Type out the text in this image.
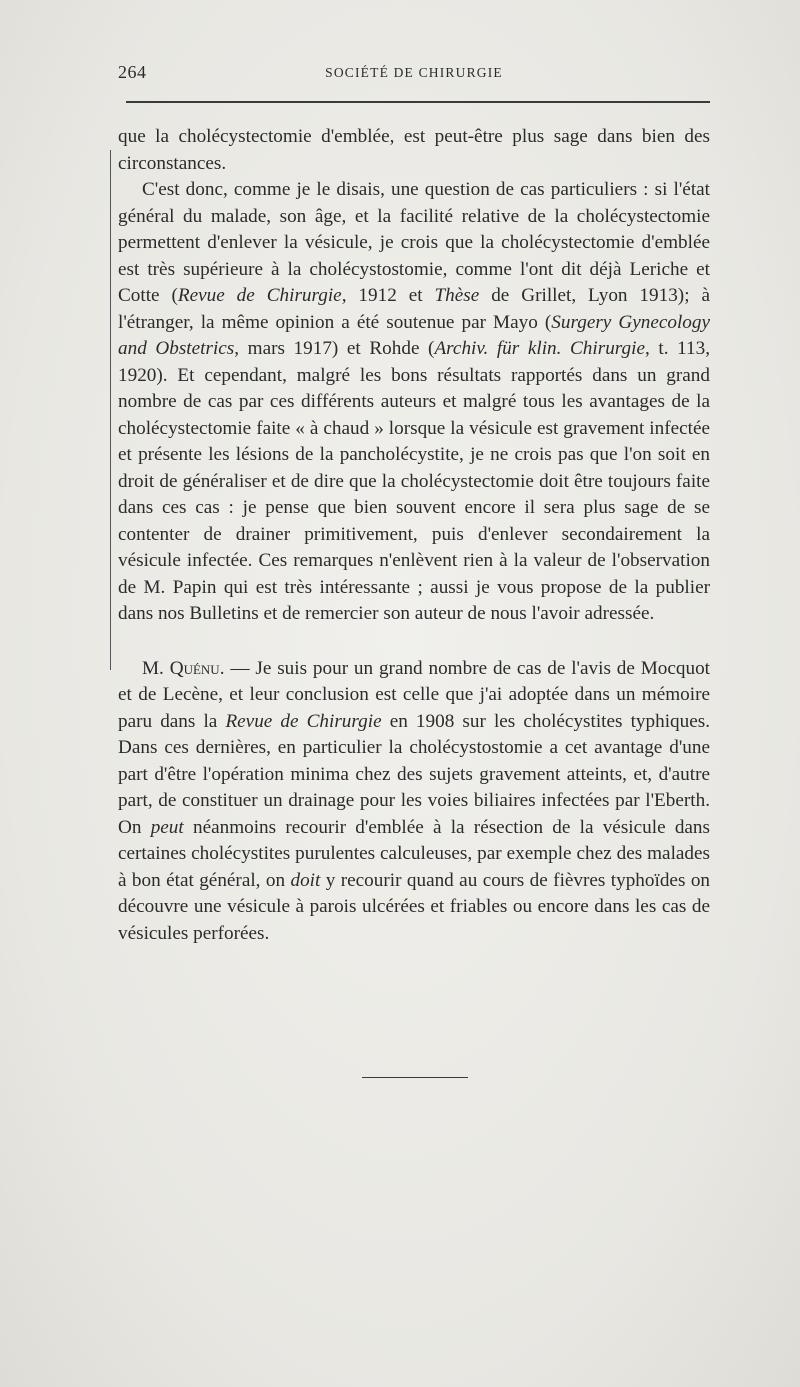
264	SOCIÉTÉ DE CHIRURGIE

que la cholécystectomie d'emblée, est peut-être plus sage dans bien des circonstances.

C'est donc, comme je le disais, une question de cas particuliers : si l'état général du malade, son âge, et la facilité relative de la cholécystectomie permettent d'enlever la vésicule, je crois que la cholécystectomie d'emblée est très supérieure à la cholécystostomie, comme l'ont dit déjà Leriche et Cotte (Revue de Chirurgie, 1912 et Thèse de Grillet, Lyon 1913); à l'étranger, la même opinion a été soutenue par Mayo (Surgery Gynecology and Obstetrics, mars 1917) et Rohde (Archiv. für klin. Chirurgie, t. 113, 1920). Et cependant, malgré les bons résultats rapportés dans un grand nombre de cas par ces différents auteurs et malgré tous les avantages de la cholécystectomie faite « à chaud » lorsque la vésicule est gravement infectée et présente les lésions de la pancholécystite, je ne crois pas que l'on soit en droit de généraliser et de dire que la cholécystectomie doit être toujours faite dans ces cas : je pense que bien souvent encore il sera plus sage de se contenter de drainer primitivement, puis d'enlever secondairement la vésicule infectée. Ces remarques n'enlèvent rien à la valeur de l'observation de M. Papin qui est très intéressante ; aussi je vous propose de la publier dans nos Bulletins et de remercier son auteur de nous l'avoir adressée.

M. Quénu. — Je suis pour un grand nombre de cas de l'avis de Mocquot et de Lecène, et leur conclusion est celle que j'ai adoptée dans un mémoire paru dans la Revue de Chirurgie en 1908 sur les cholécystites typhiques. Dans ces dernières, en particulier la cholécystostomie a cet avantage d'une part d'être l'opération minima chez des sujets gravement atteints, et, d'autre part, de constituer un drainage pour les voies biliaires infectées par l'Eberth. On peut néanmoins recourir d'emblée à la résection de la vésicule dans certaines cholécystites purulentes calculeuses, par exemple chez des malades à bon état général, on doit y recourir quand au cours de fièvres typhoïdes on découvre une vésicule à parois ulcérées et friables ou encore dans les cas de vésicules perforées.
